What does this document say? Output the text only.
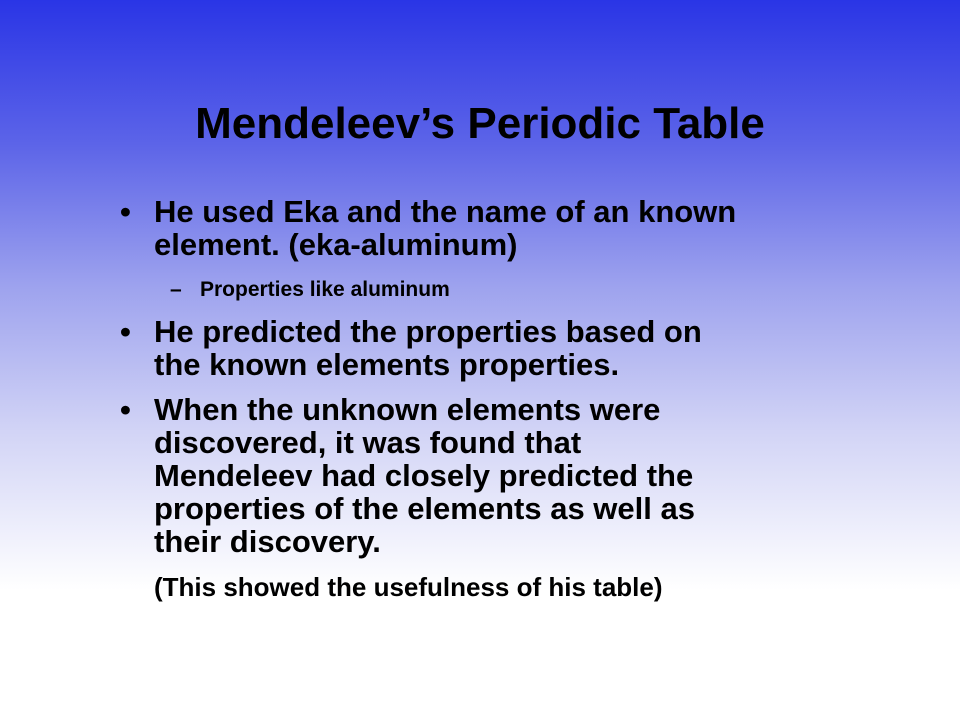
Mendeleev’s Periodic Table
• He used Eka and the name of an known
element. (eka-aluminum)
– Properties like aluminum
• He predicted the properties based on
the known elements properties.
• When the unknown elements were
discovered, it was found that
Mendeleev had closely predicted the
properties of the elements as well as
their discovery.
(This showed the usefulness of his table)
